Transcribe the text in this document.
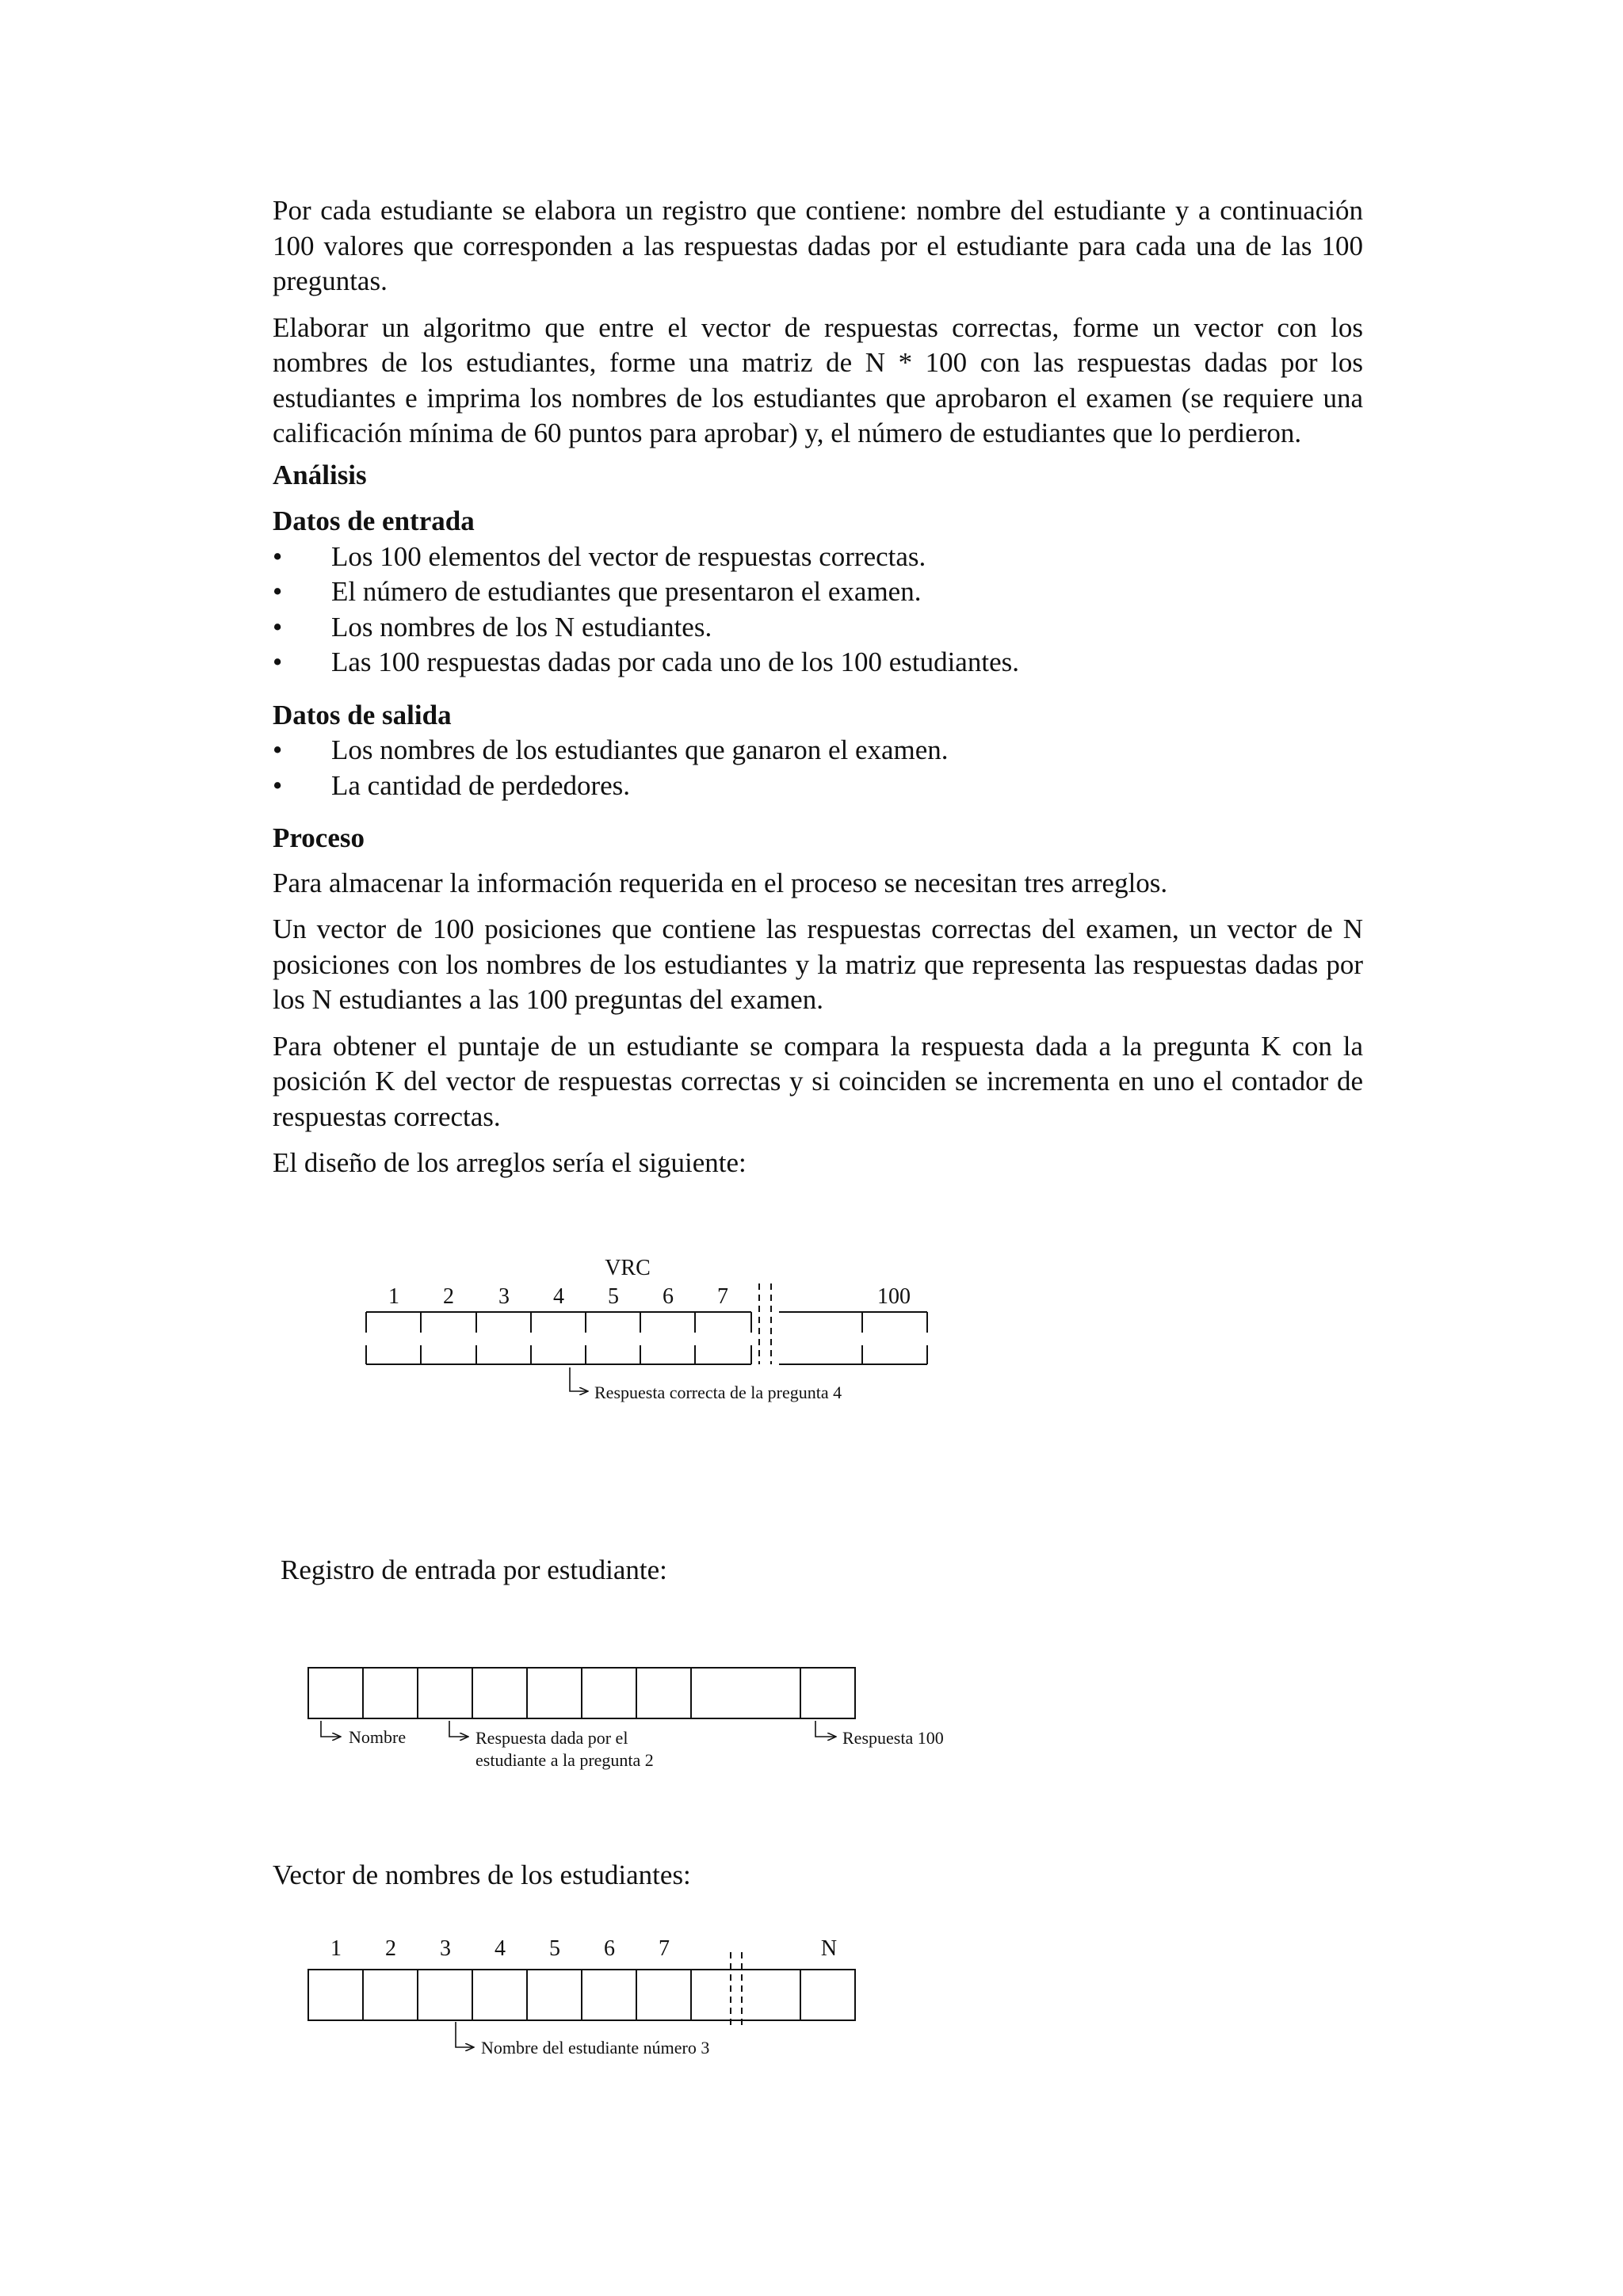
Por cada estudiante se elabora un registro que contiene: nombre del estudiante y a continuación 100 valores que corresponden a las respuestas dadas por el estudiante para cada una de las 100 preguntas.

Elaborar un algoritmo que entre el vector de respuestas correctas, forme un vector con los nombres de los estudiantes, forme una matriz de N * 100 con las respuestas dadas por los estudiantes e imprima los nombres de los estudiantes que aprobaron el examen (se requiere una calificación mínima de 60 puntos para aprobar) y, el número de estudiantes que lo perdieron.

Análisis
Datos de entrada
• Los 100 elementos del vector de respuestas correctas.
• El número de estudiantes que presentaron el examen.
• Los nombres de los N estudiantes.
• Las 100 respuestas dadas por cada uno de los 100 estudiantes.
Datos de salida
• Los nombres de los estudiantes que ganaron el examen.
• La cantidad de perdedores.
Proceso

Para almacenar la información requerida en el proceso se necesitan tres arreglos.

Un vector de 100 posiciones que contiene las respuestas correctas del examen, un vector de N posiciones con los nombres de los estudiantes y la matriz que representa las respuestas dadas por los N estudiantes a las 100 preguntas del examen.

Para obtener el puntaje de un estudiante se compara la respuesta dada a la pregunta K con la posición K del vector de respuestas correctas y si coinciden se incrementa en uno el contador de respuestas correctas.

El diseño de los arreglos sería el siguiente:

Registro de entrada por estudiante:
Vector de nombres de los estudiantes:
VRC
1 2 3 4 5 6 7	100
Respuesta correcta de la pregunta 4
Nombre	Respuesta dada por el
estudiante a la pregunta 2
Respuesta 100
1 2 3 4 5 6 7	N
Nombre del estudiante número 3
